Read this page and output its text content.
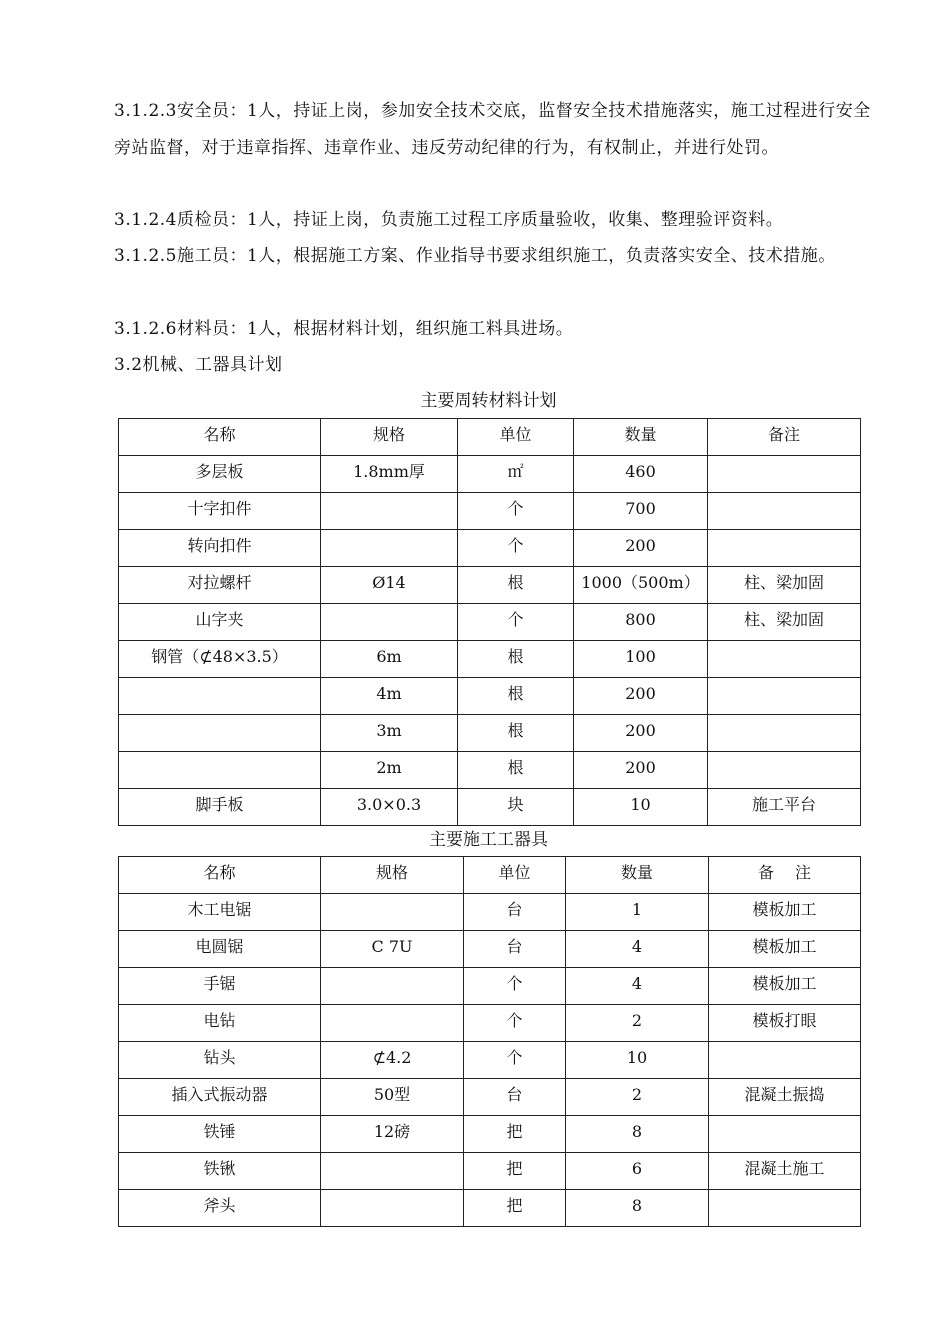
3.1.2.3安全员：1人，持证上岗，参加安全技术交底，监督安全技术措施落实，施工过程进行安全旁站监督，对于违章指挥、违章作业、违反劳动纪律的行为，有权制止，并进行处罚。

3.1.2.4质检员：1人，持证上岗，负责施工过程工序质量验收，收集、整理验评资料。

3.1.2.5施工员：1人，根据施工方案、作业指导书要求组织施工，负责落实安全、技术措施。

3.1.2.6材料员：1人，根据材料计划，组织施工料具进场。

3.2机械、工器具计划

主要周转材料计划

名称	规格	单位	数量	备注
多层板	1.8mm厚	㎡	460	
十字扣件		个	700	
转向扣件		个	200	
对拉螺杆	Ø14	根	1000（500m）	柱、梁加固
山字夹		个	800	柱、梁加固
钢管（⊄48×3.5）	6m	根	100	
	4m	根	200	
	3m	根	200	
	2m	根	200	
脚手板	3.0×0.3	块	10	施工平台

主要施工工器具

名称	规格	单位	数量	备　 注
木工电锯		台	1	模板加工
电圆锯	C 7U	台	4	模板加工
手锯		个	4	模板加工
电钻		个	2	模板打眼
钻头	⊄4.2	个	10	
插入式振动器	50型	台	2	混凝土振捣
铁锤	12磅	把	8	
铁锹		把	6	混凝土施工
斧头		把	8	
